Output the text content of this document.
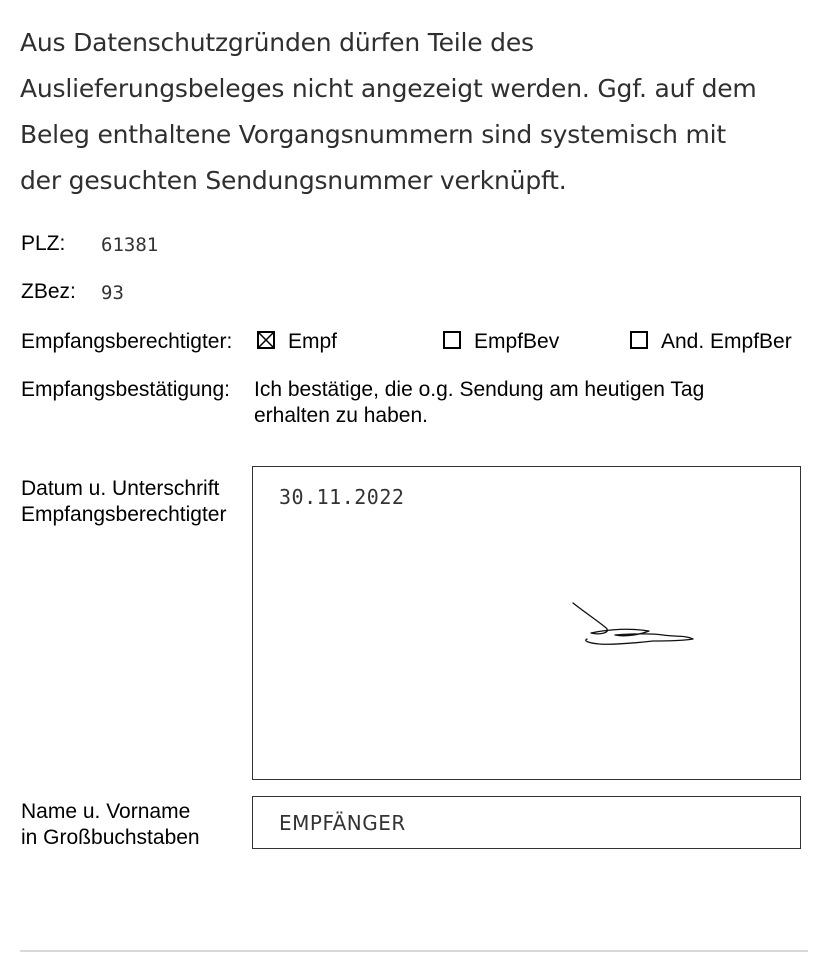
Aus Datenschutzgründen dürfen Teile des
Auslieferungsbeleges nicht angezeigt werden. Ggf. auf dem
Beleg enthaltene Vorgangsnummern sind systemisch mit
der gesuchten Sendungsnummer verknüpft.
PLZ: 61381
ZBez: 93
Empfangsberechtigter:	Empf	EmpfBev	And. EmpfBer
Empfangsbestätigung: Ich bestätige, die o.g. Sendung am heutigen Tag
erhalten zu haben.
Datum u. Unterschrift
Empfangsberechtigter
30.11.2022
Name u. Vorname
in Großbuchstaben
EMPFÄNGER
